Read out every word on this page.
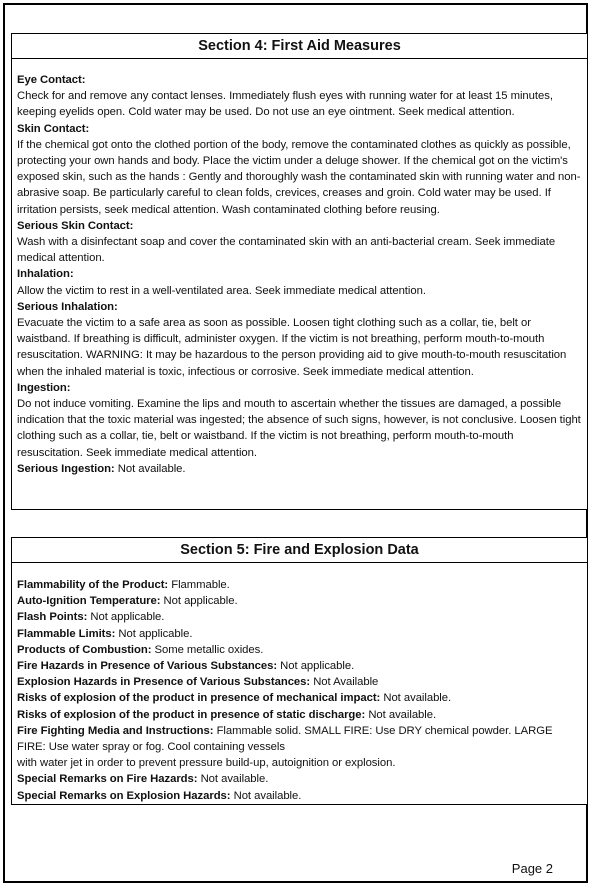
Section 4: First Aid Measures
Eye Contact:
Check for and remove any contact lenses. Immediately flush eyes with running water for at least 15 minutes, keeping eyelids open. Cold water may be used. Do not use an eye ointment. Seek medical attention.
Skin Contact:
If the chemical got onto the clothed portion of the body, remove the contaminated clothes as quickly as possible, protecting your own hands and body. Place the victim under a deluge shower. If the chemical got on the victim's exposed skin, such as the hands : Gently and thoroughly wash the contaminated skin with running water and non-abrasive soap. Be particularly careful to clean folds, crevices, creases and groin. Cold water may be used. If irritation persists, seek medical attention. Wash contaminated clothing before reusing.
Serious Skin Contact:
Wash with a disinfectant soap and cover the contaminated skin with an anti-bacterial cream. Seek immediate medical attention.
Inhalation:
Allow the victim to rest in a well-ventilated area. Seek immediate medical attention.
Serious Inhalation:
Evacuate the victim to a safe area as soon as possible. Loosen tight clothing such as a collar, tie, belt or waistband. If breathing is difficult, administer oxygen. If the victim is not breathing, perform mouth-to-mouth resuscitation. WARNING: It may be hazardous to the person providing aid to give mouth-to-mouth resuscitation when the inhaled material is toxic, infectious or corrosive. Seek immediate medical attention.
Ingestion:
Do not induce vomiting. Examine the lips and mouth to ascertain whether the tissues are damaged, a possible indication that the toxic material was ingested; the absence of such signs, however, is not conclusive. Loosen tight clothing such as a collar, tie, belt or waistband. If the victim is not breathing, perform mouth-to-mouth resuscitation. Seek immediate medical attention.
Serious Ingestion: Not available.
Section 5: Fire and Explosion Data
Flammability of the Product: Flammable.
Auto-Ignition Temperature: Not applicable.
Flash Points: Not applicable.
Flammable Limits: Not applicable.
Products of Combustion: Some metallic oxides.
Fire Hazards in Presence of Various Substances: Not applicable.
Explosion Hazards in Presence of Various Substances: Not Available
Risks of explosion of the product in presence of mechanical impact: Not available.
Risks of explosion of the product in presence of static discharge: Not available.
Fire Fighting Media and Instructions: Flammable solid. SMALL FIRE: Use DRY chemical powder. LARGE FIRE: Use water spray or fog. Cool containing vessels
with water jet in order to prevent pressure build-up, autoignition or explosion.
Special Remarks on Fire Hazards: Not available.
Special Remarks on Explosion Hazards: Not available.
Page 2
